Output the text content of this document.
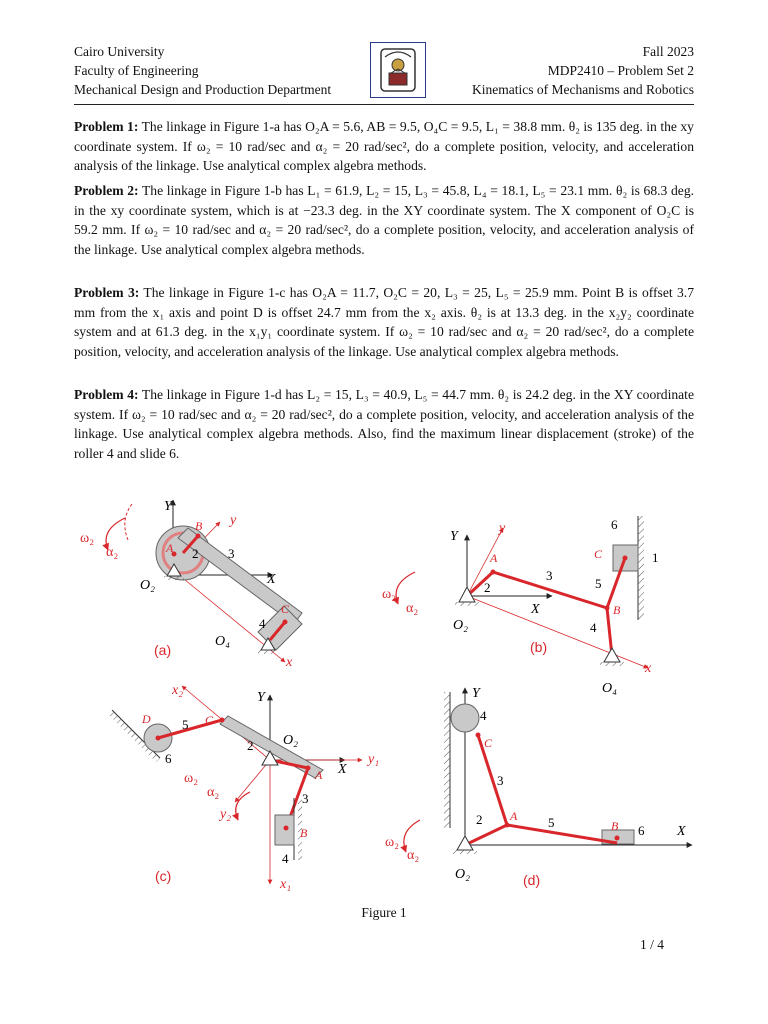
Cairo University
Faculty of Engineering
Mechanical Design and Production Department
Fall 2023
MDP2410 – Problem Set 2
Kinematics of Mechanisms and Robotics
Problem 1: The linkage in Figure 1-a has O₂A = 5.6, AB = 9.5, O₄C = 9.5, L₁ = 38.8 mm. θ₂ is 135 deg. in the xy coordinate system. If ω₂ = 10 rad/sec and α₂ = 20 rad/sec², do a complete position, velocity, and acceleration analysis of the linkage. Use analytical complex algebra methods.
Problem 2: The linkage in Figure 1-b has L₁ = 61.9, L₂ = 15, L₃ = 45.8, L₄ = 18.1, L₅ = 23.1 mm. θ₂ is 68.3 deg. in the xy coordinate system, which is at −23.3 deg. in the XY coordinate system. The X component of O₂C is 59.2 mm. If ω₂ = 10 rad/sec and α₂ = 20 rad/sec², do a complete position, velocity, and acceleration analysis of the linkage. Use analytical complex algebra methods.
Problem 3: The linkage in Figure 1-c has O₂A = 11.7, O₂C = 20, L₃ = 25, L₅ = 25.9 mm. Point B is offset 3.7 mm from the x₁ axis and point D is offset 24.7 mm from the x₂ axis. θ₂ is at 13.3 deg. in the x₂y₂ coordinate system and at 61.3 deg. in the x₁y₁ coordinate system. If ω₂ = 10 rad/sec and α₂ = 20 rad/sec², do a complete position, velocity, and acceleration analysis of the linkage. Use analytical complex algebra methods.
Problem 4: The linkage in Figure 1-d has L₂ = 15, L₃ = 40.9, L₅ = 44.7 mm. θ₂ is 24.2 deg. in the XY coordinate system. If ω₂ = 10 rad/sec and α₂ = 20 rad/sec², do a complete position, velocity, and acceleration analysis of the linkage. Use analytical complex algebra methods. Also, find the maximum linear displacement (stroke) of the roller 4 and slide 6.
Y
X
y
x
O₂
O₄
A
B
C
2 3
4
ω₂
α₂
(a)
Y
X
y
x
O₂
O₄
A
B
C	1
2
3
4
5
6
ω₂
α₂
(b)
Y
X
x₁
y₁
x₂
y₂
O₂
A
B
C
D
2
3
4
5
6
ω₂
α₂
(c)
Y
X
O₂
A
B
C
2
3
4
5
6
ω₂
α₂
(d)
Figure 1
1 / 4
